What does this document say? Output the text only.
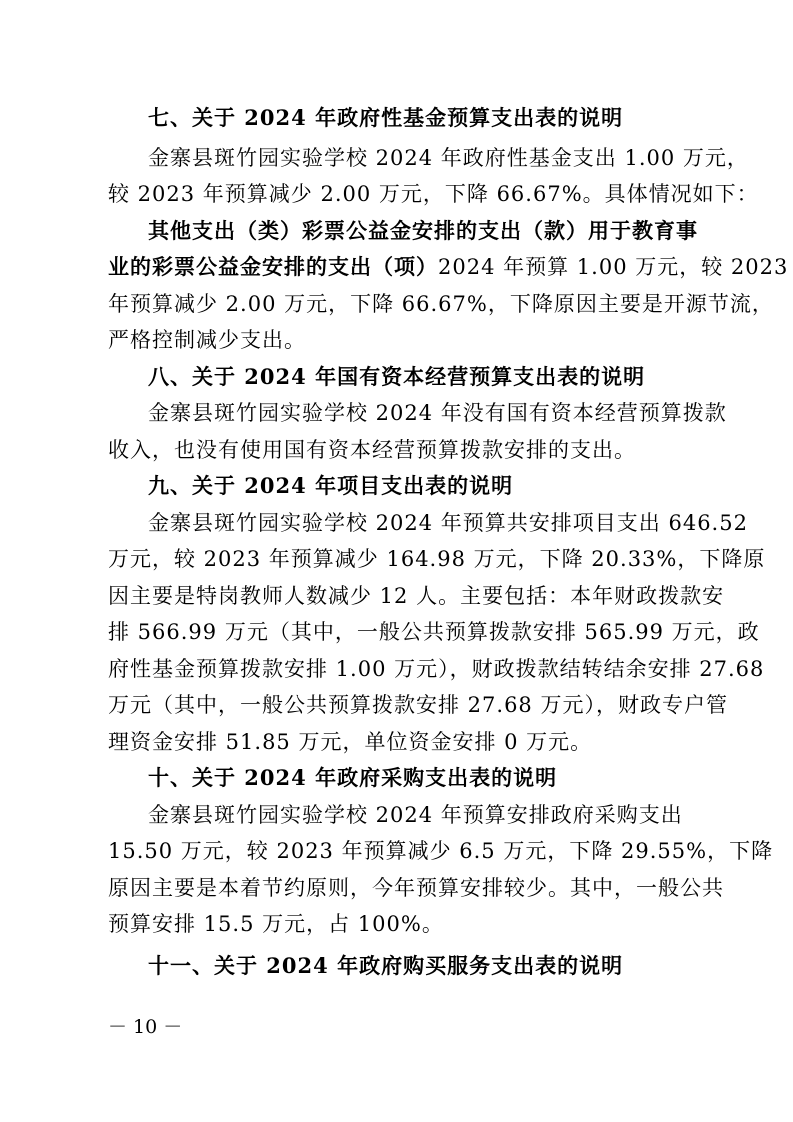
七、关于 2024 年政府性基金预算支出表的说明
金寨县斑竹园实验学校 2024 年政府性基金支出 1.00 万元，
较 2023 年预算减少 2.00 万元，下降 66.67%。具体情况如下：
其他支出（类）彩票公益金安排的支出（款）用于教育事
业的彩票公益金安排的支出（项）2024 年预算 1.00 万元，较 2023
年预算减少 2.00 万元，下降 66.67%，下降原因主要是开源节流，
严格控制减少支出。
八、关于 2024 年国有资本经营预算支出表的说明
金寨县斑竹园实验学校 2024 年没有国有资本经营预算拨款
收入，也没有使用国有资本经营预算拨款安排的支出。
九、关于 2024 年项目支出表的说明
金寨县斑竹园实验学校 2024 年预算共安排项目支出 646.52
万元，较 2023 年预算减少 164.98 万元，下降 20.33%，下降原
因主要是特岗教师人数减少 12 人。主要包括：本年财政拨款安
排 566.99 万元（其中，一般公共预算拨款安排 565.99 万元，政
府性基金预算拨款安排 1.00 万元），财政拨款结转结余安排 27.68
万元（其中，一般公共预算拨款安排 27.68 万元），财政专户管
理资金安排 51.85 万元，单位资金安排 0 万元。
十、关于 2024 年政府采购支出表的说明
金寨县斑竹园实验学校 2024 年预算安排政府采购支出
15.50 万元，较 2023 年预算减少 6.5 万元，下降 29.55%，下降
原因主要是本着节约原则，今年预算安排较少。其中，一般公共
预算安排 15.5 万元，占 100%。
十一、关于 2024 年政府购买服务支出表的说明
－ 10 －
